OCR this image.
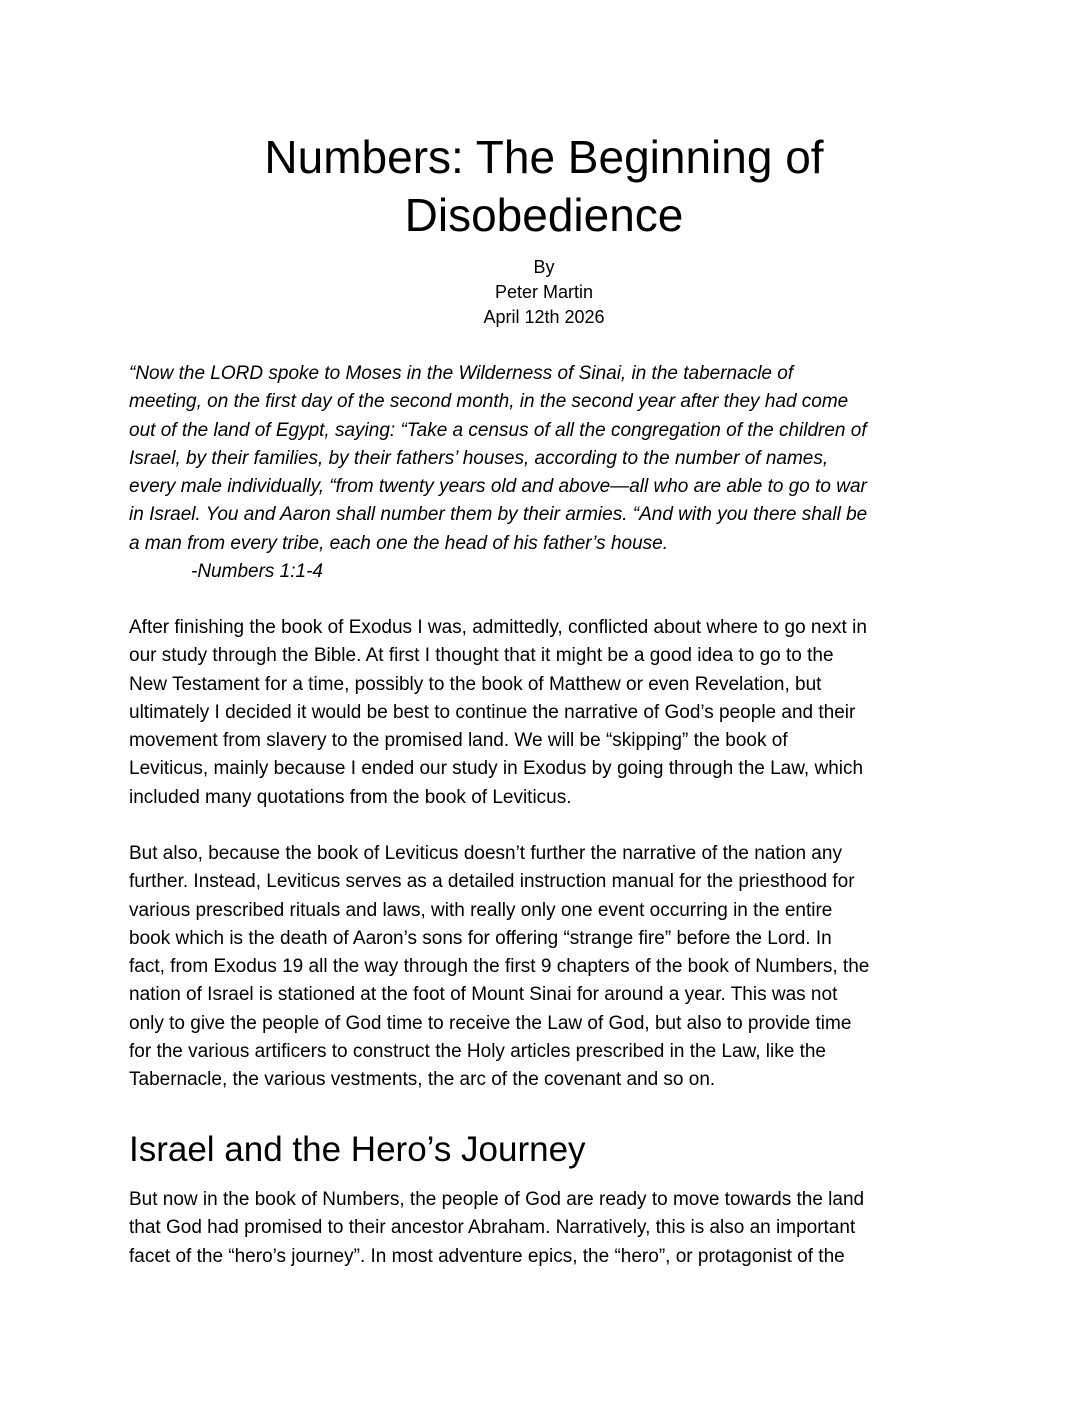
Numbers: The Beginning of
Disobedience
By
Peter Martin
April 12th 2026
“Now the LORD spoke to Moses in the Wilderness of Sinai, in the tabernacle of
meeting, on the first day of the second month, in the second year after they had come
out of the land of Egypt, saying: “Take a census of all the congregation of the children of
Israel, by their families, by their fathers’ houses, according to the number of names,
every male individually, “from twenty years old and above—all who are able to go to war
in Israel. You and Aaron shall number them by their armies. “And with you there shall be
a man from every tribe, each one the head of his father’s house.
-Numbers 1:1-4
After finishing the book of Exodus I was, admittedly, conflicted about where to go next in
our study through the Bible. At first I thought that it might be a good idea to go to the
New Testament for a time, possibly to the book of Matthew or even Revelation, but
ultimately I decided it would be best to continue the narrative of God’s people and their
movement from slavery to the promised land. We will be “skipping” the book of
Leviticus, mainly because I ended our study in Exodus by going through the Law, which
included many quotations from the book of Leviticus.
But also, because the book of Leviticus doesn’t further the narrative of the nation any
further. Instead, Leviticus serves as a detailed instruction manual for the priesthood for
various prescribed rituals and laws, with really only one event occurring in the entire
book which is the death of Aaron’s sons for offering “strange fire” before the Lord. In
fact, from Exodus 19 all the way through the first 9 chapters of the book of Numbers, the
nation of Israel is stationed at the foot of Mount Sinai for around a year. This was not
only to give the people of God time to receive the Law of God, but also to provide time
for the various artificers to construct the Holy articles prescribed in the Law, like the
Tabernacle, the various vestments, the arc of the covenant and so on.
Israel and the Hero’s Journey
But now in the book of Numbers, the people of God are ready to move towards the land
that God had promised to their ancestor Abraham. Narratively, this is also an important
facet of the “hero’s journey”. In most adventure epics, the “hero”, or protagonist of the
